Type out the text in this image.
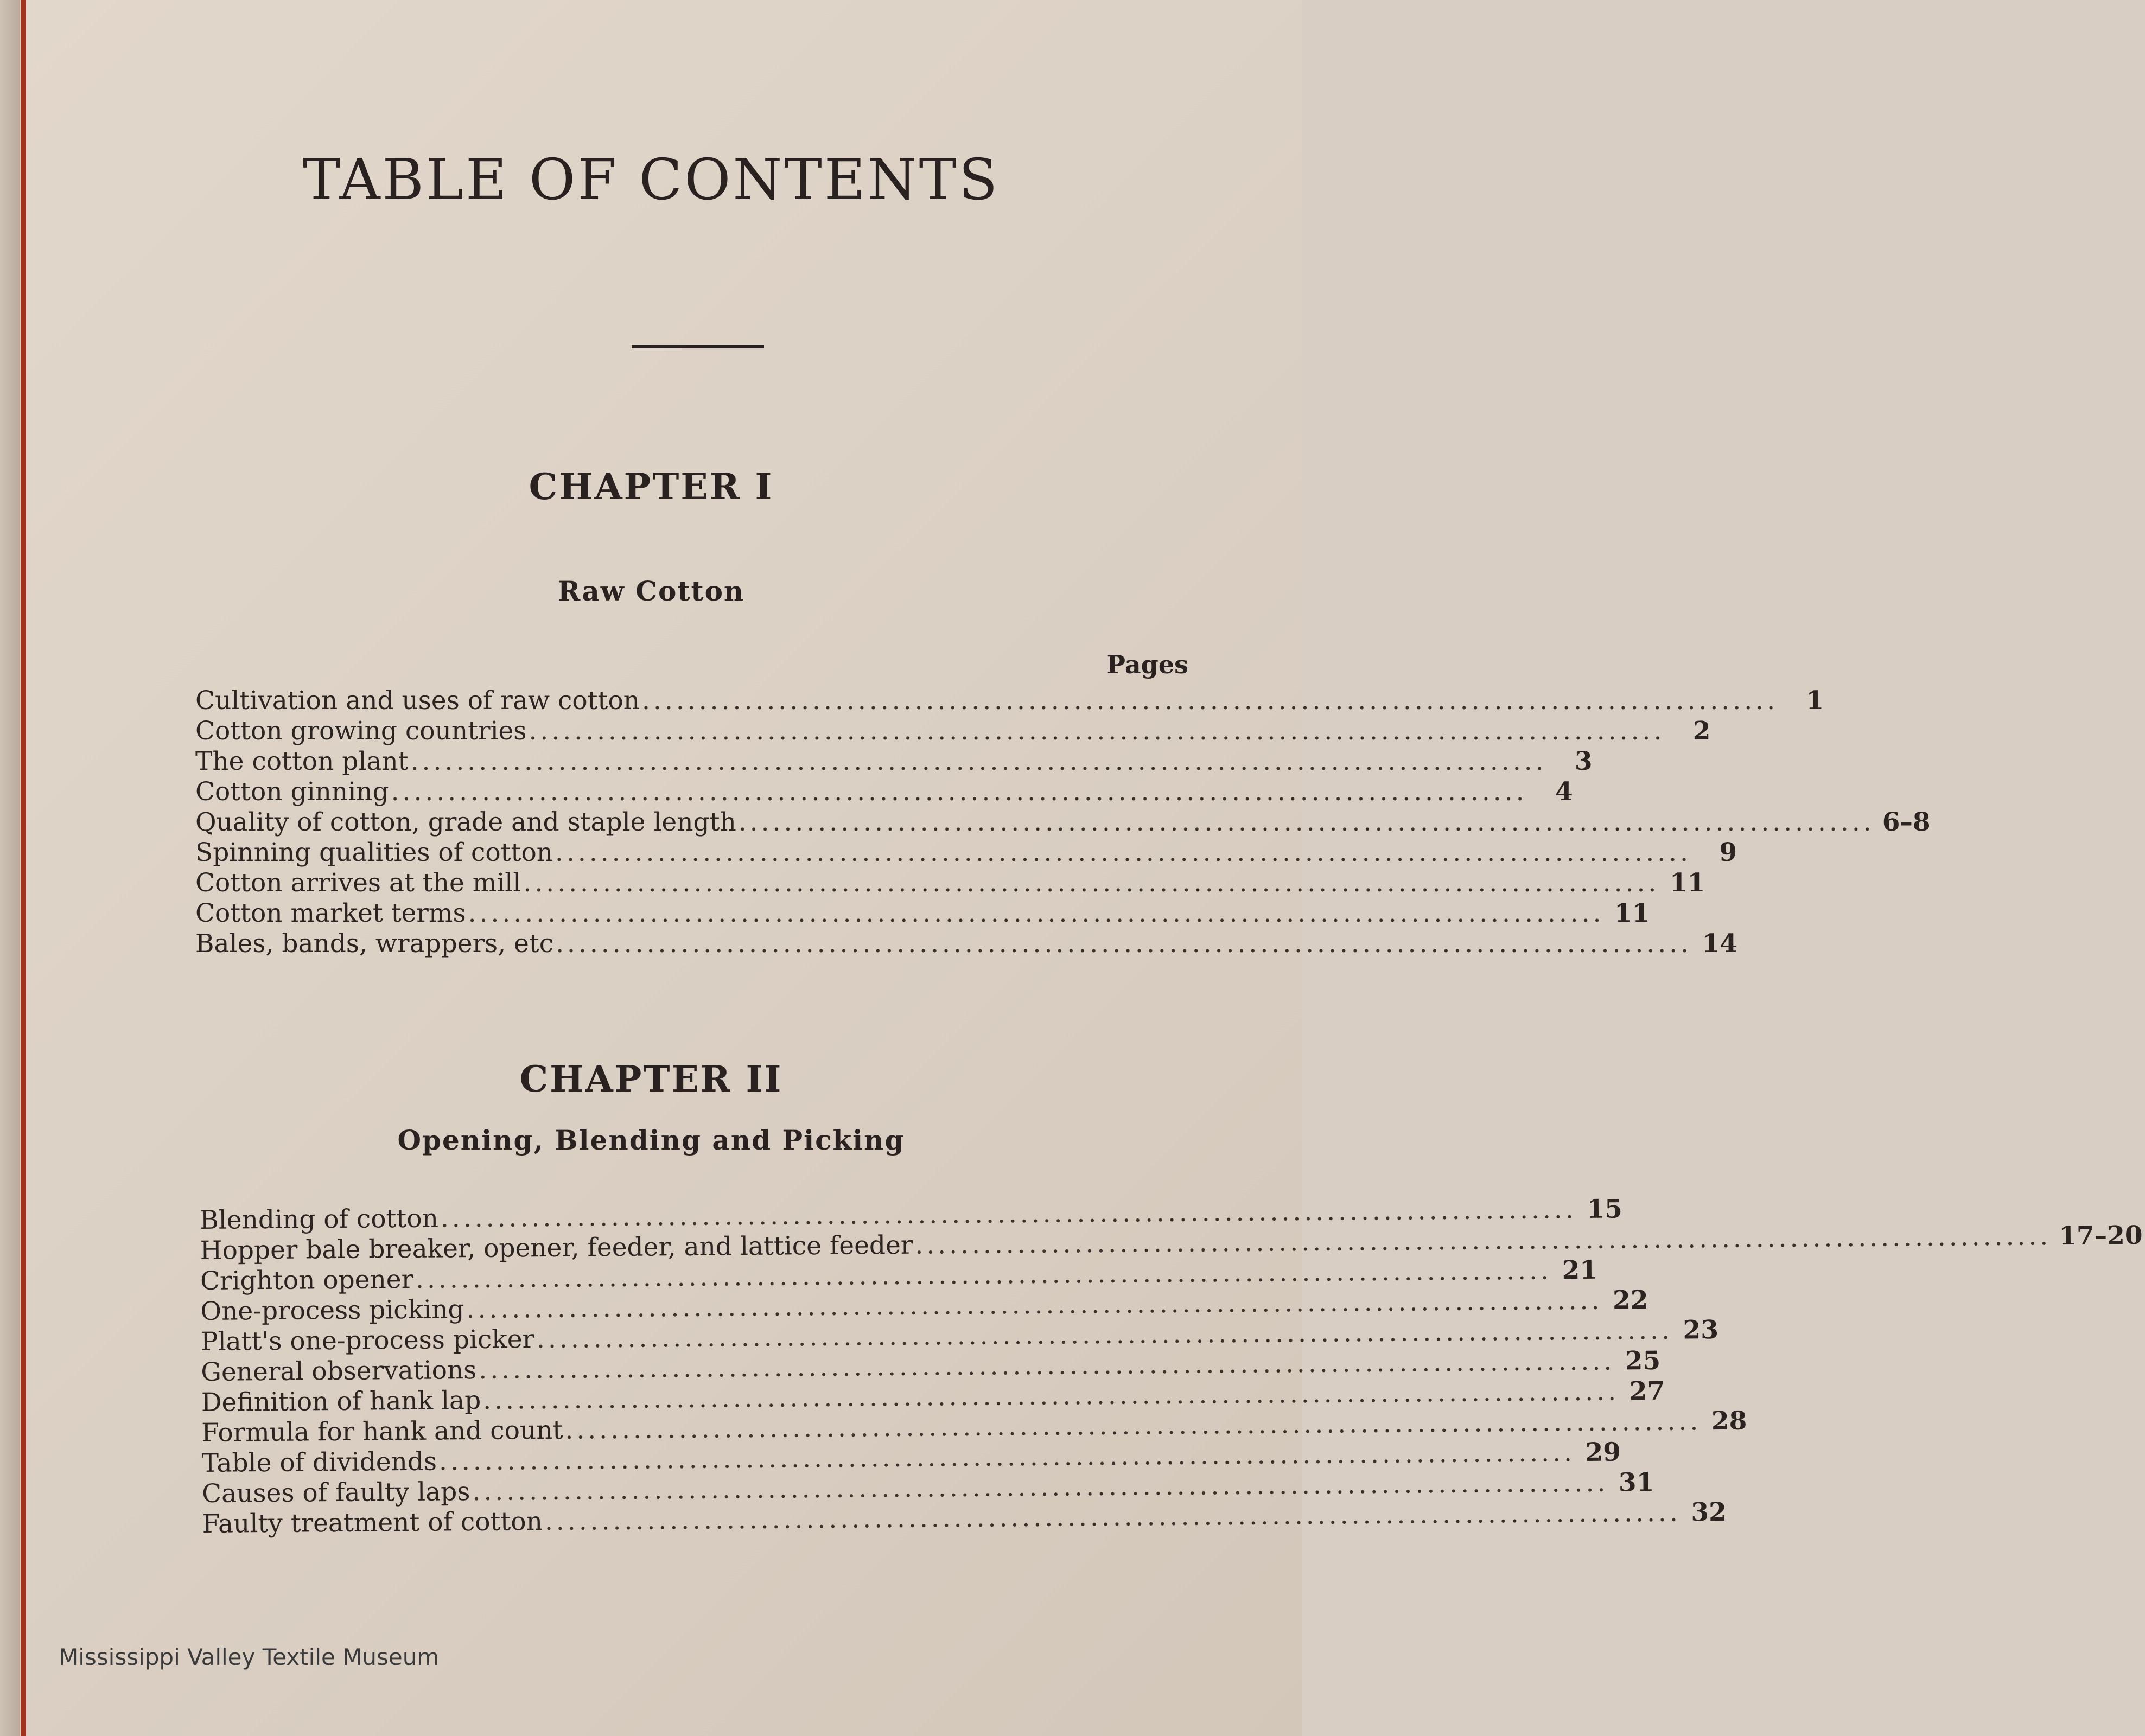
TABLE OF CONTENTS
CHAPTER I
Raw Cotton
Pages
Cultivation and uses of raw cotton ....................................................................................................	1
Cotton growing countries ....................................................................................................	2
The cotton plant ....................................................................................................	3
Cotton ginning ....................................................................................................	4
Quality of cotton, grade and staple length .................................................................................................... 6–8
Spinning qualities of cotton ....................................................................................................	9
Cotton arrives at the mill .................................................................................................... 11
Cotton market terms .................................................................................................... 11
Bales, bands, wrappers, etc .................................................................................................... 14
CHAPTER II
Opening, Blending and Picking
Blending of cotton .................................................................................................... 15
Hopper bale breaker, opener, feeder, and lattice feeder .................................................................................................... 17–20
Crighton opener .................................................................................................... 21
One-process picking .................................................................................................... 22
Platt's one-process picker .................................................................................................... 23
General observations .................................................................................................... 25
Definition of hank lap .................................................................................................... 27
Formula for hank and count .................................................................................................... 28
Table of dividends .................................................................................................... 29
Causes of faulty laps .................................................................................................... 31
Faulty treatment of cotton .................................................................................................... 32
Mississippi Valley Textile Museum
